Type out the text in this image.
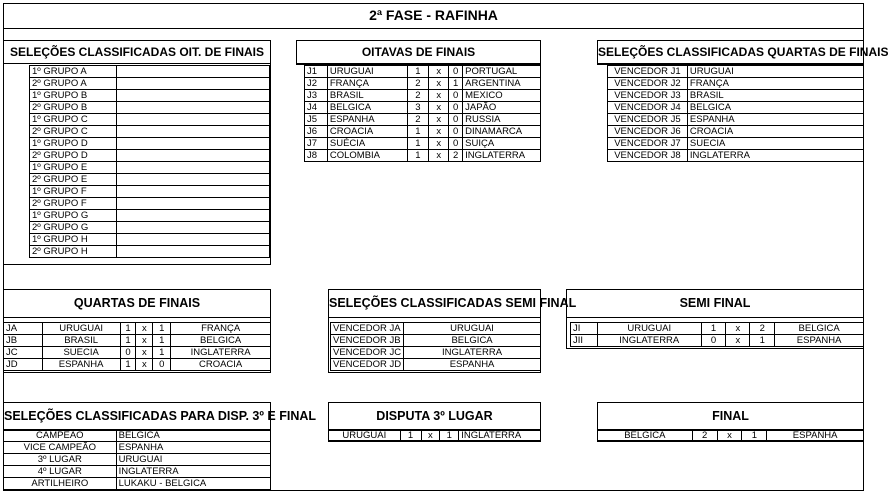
2ª FASE - RAFINHA
SELEÇÕES CLASSIFICADAS OIT. DE FINAIS
1º GRUPO A	
2º GRUPO A	
1º GRUPO B	
2º GRUPO B	
1º GRUPO C	
2º GRUPO C	
1º GRUPO D	
2º GRUPO D	
1º GRUPO E	
2º GRUPO E	
1º GRUPO F	
2º GRUPO F	
1º GRUPO G	
2º GRUPO G	
1º GRUPO H	
2º GRUPO H	
OITAVAS DE FINAIS
J1	URUGUAI	1	x	0	PORTUGAL
J2	FRANÇA	2	x	1	ARGENTINA
J3	BRASIL	2	x	0	MEXICO
J4	BELGICA	3	x	0	JAPÃO
J5	ESPANHA	2	x	0	RUSSIA
J6	CROACIA	1	x	0	DINAMARCA
J7	SUÉCIA	1	x	0	SUIÇA
J8	COLOMBIA	1	x	2	INGLATERRA
SELEÇÕES CLASSIFICADAS QUARTAS DE FINAIS
VENCEDOR J1	URUGUAI
VENCEDOR J2	FRANÇA
VENCEDOR J3	BRASIL
VENCEDOR J4	BELGICA
VENCEDOR J5	ESPANHA
VENCEDOR J6	CROACIA
VENCEDOR J7	SUECIA
VENCEDOR J8	INGLATERRA
QUARTAS DE FINAIS
JA	URUGUAI	1	x	1	FRANÇA
JB	BRASIL	1	x	1	BELGICA
JC	SUECIA	0	x	1	INGLATERRA
JD	ESPANHA	1	x	0	CROACIA
SELEÇÕES CLASSIFICADAS SEMI FINAL
VENCEDOR JA	URUGUAI
VENCEDOR JB	BELGICA
VENCEDOR JC	INGLATERRA
VENCEDOR JD	ESPANHA
SEMI FINAL
JI	URUGUAI	1	x	2	BELGICA
JII	INGLATERRA	0	x	1	ESPANHA
SELEÇÕES CLASSIFICADAS PARA DISP. 3º E FINAL
CAMPEÃO	BELGICA
VICE CAMPEÃO	ESPANHA
3º LUGAR	URUGUAI
4º LUGAR	INGLATERRA
ARTILHEIRO	LUKAKU - BELGICA
DISPUTA 3º LUGAR
URUGUAI	1	x	1	INGLATERRA
FINAL
BELGICA	2	x	1	ESPANHA
